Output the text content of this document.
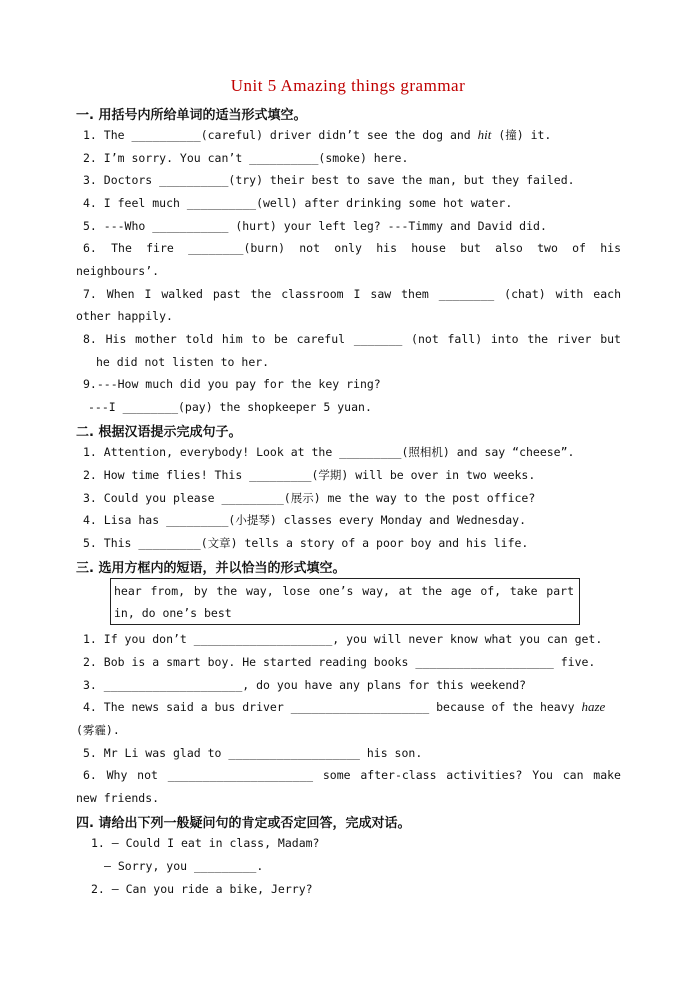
Unit 5 Amazing things grammar
一. 用括号内所给单词的适当形式填空。
1. The __________(careful) driver didn’t see the dog and hit (撞) it.
2. I’m sorry. You can’t __________(smoke) here.
3. Doctors __________(try) their best to save the man, but they failed.
4. I feel much __________(well) after drinking some hot water.
5. ---Who ___________ (hurt) your left leg? ---Timmy and David did.
6. The fire ________(burn) not only his house but also two of his
neighbours’.
7. When I walked past the classroom I saw them ________ (chat) with each
other happily.
8. His mother told him to be careful _______ (not fall) into the river but
he did not listen to her.
9.---How much did you pay for the key ring?
---I ________(pay) the shopkeeper 5 yuan.
二. 根据汉语提示完成句子。
1. Attention, everybody! Look at the _________(照相机) and say “cheese”.
2. How time flies! This _________(学期) will be over in two weeks.
3. Could you please _________(展示) me the way to the post office?
4. Lisa has _________(小提琴) classes every Monday and Wednesday.
5. This _________(文章) tells a story of a poor boy and his life.
三. 选用方框内的短语，并以恰当的形式填空。
hear from, by the way, lose one’s way, at the age of, take part
in, do one’s best
1. If you don’t ____________________, you will never know what you can get.
2. Bob is a smart boy. He started reading books ____________________ five.
3. ____________________, do you have any plans for this weekend?
4. The news said a bus driver ____________________ because of the heavy haze
(雾霾).
5. Mr Li was glad to ___________________ his son.
6. Why not _____________________ some after-class activities? You can make
new friends.
四. 请给出下列一般疑问句的肯定或否定回答，完成对话。
1. — Could I eat in class, Madam?
— Sorry, you _________.
2. — Can you ride a bike, Jerry?
